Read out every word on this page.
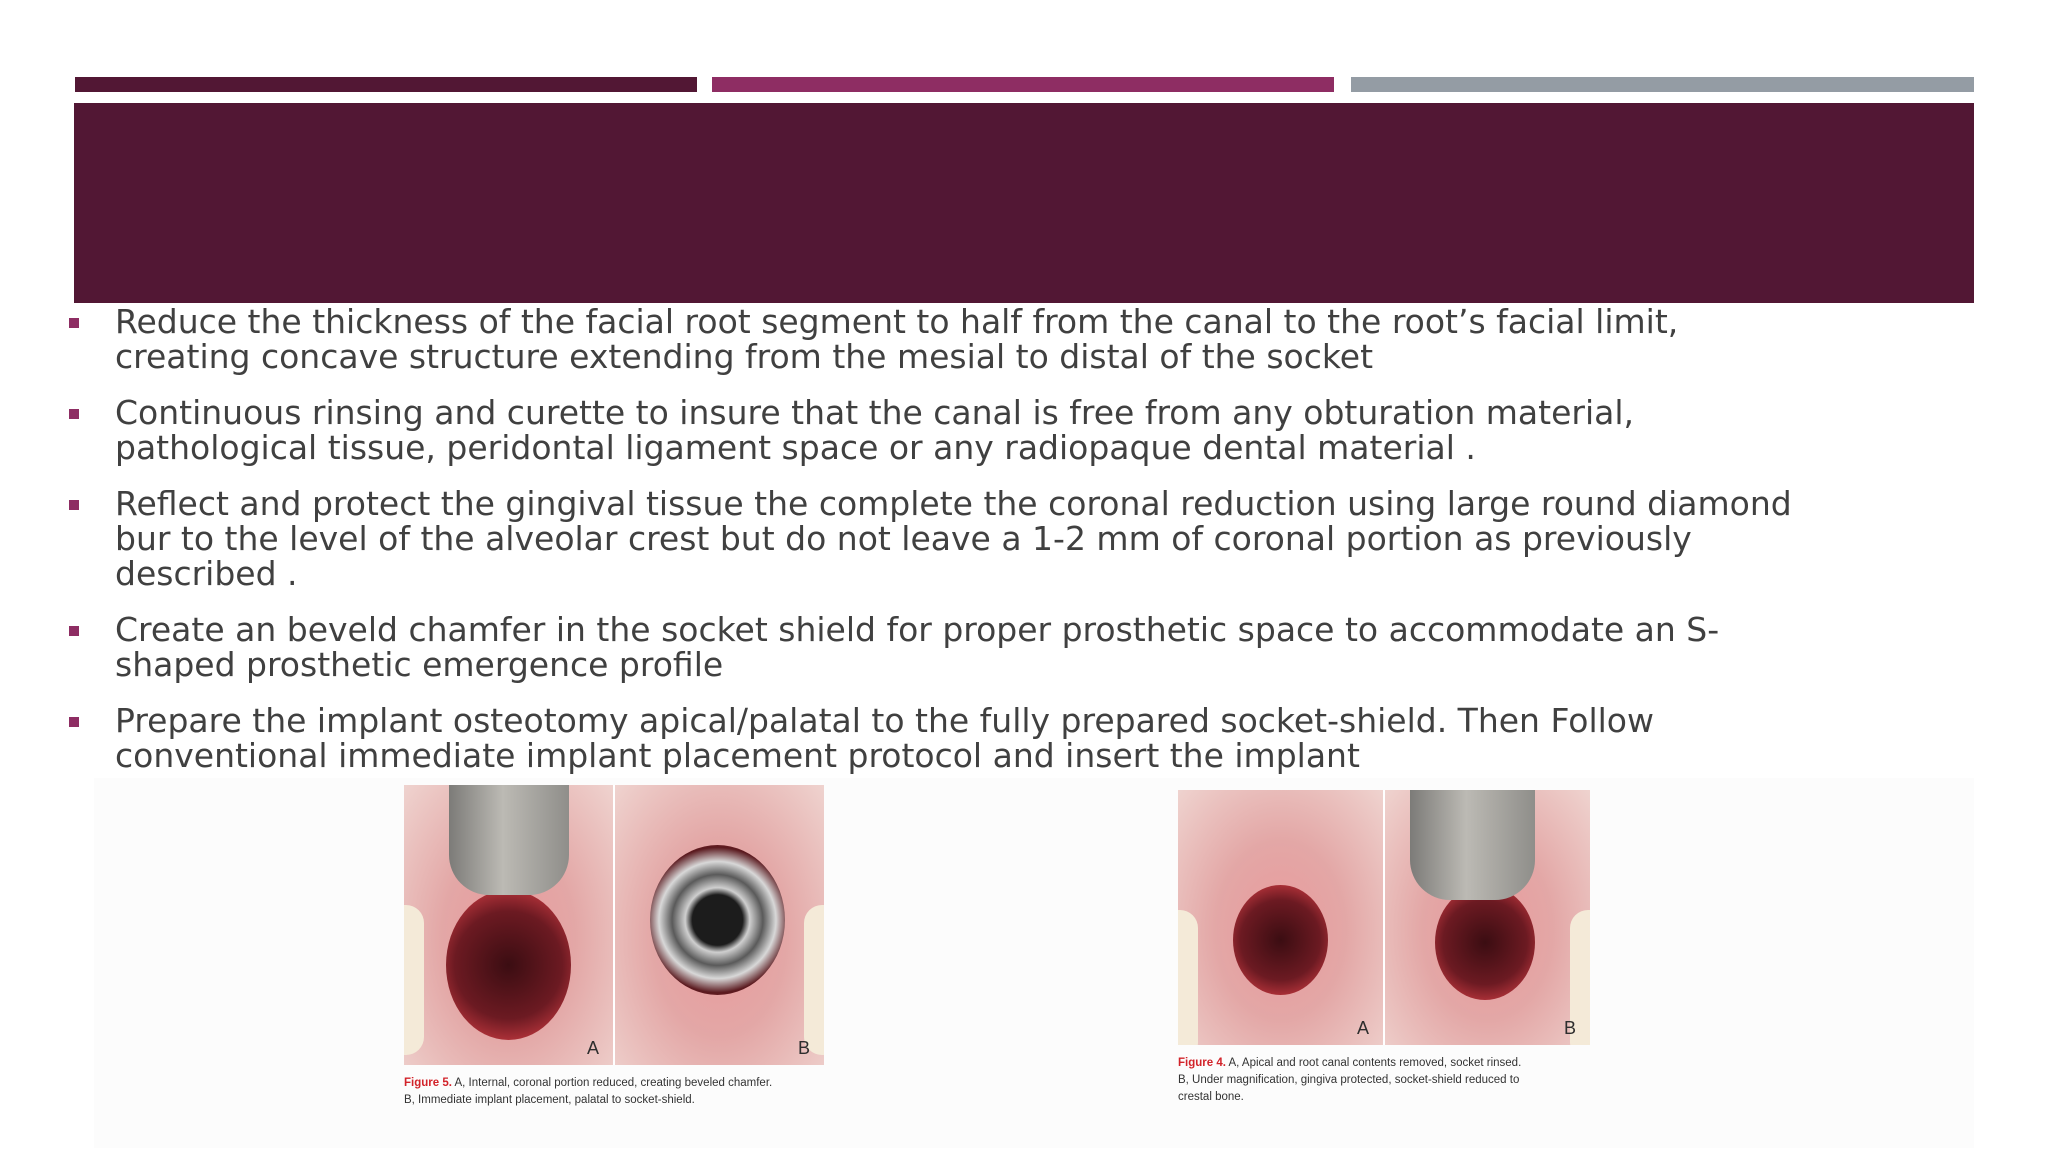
Reduce the thickness of the facial root segment to half from the canal to the root’s facial limit, creating concave structure extending from the mesial to distal of the socket
Continuous rinsing and curette to insure that the canal is free from any obturation material, pathological tissue, peridontal ligament space or any radiopaque dental material .
Reflect and protect the gingival tissue the complete the coronal reduction using large round diamond bur to the level of the alveolar crest but do not leave a 1-2 mm of coronal portion as previously described .
Create an beveld chamfer in the socket shield for proper prosthetic space to accommodate an S-shaped prosthetic emergence profile
Prepare the implant osteotomy apical/palatal to the fully prepared socket-shield. Then Follow conventional immediate implant placement protocol and insert the implant
A	B
Figure 5. A, Internal, coronal portion reduced, creating beveled chamfer.
B, Immediate implant placement, palatal to socket-shield.
A	B
Figure 4. A, Apical and root canal contents removed, socket rinsed.
B, Under magnification, gingiva protected, socket-shield reduced to
crestal bone.
